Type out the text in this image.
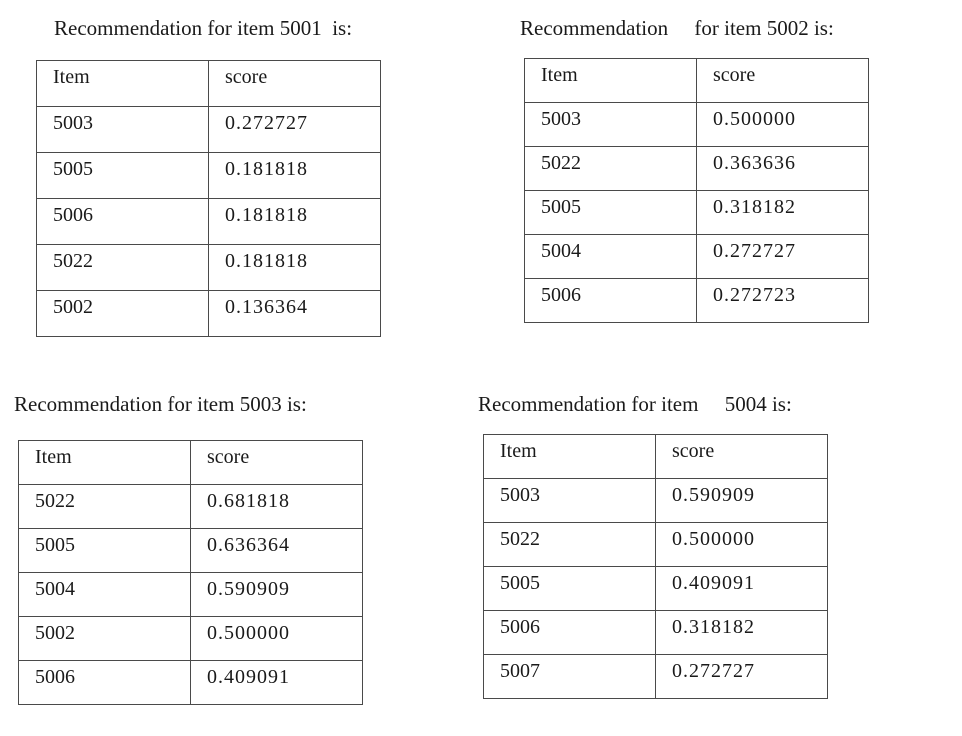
Recommendation for item 5001  is:
Item	score
5003	0.272727
5005	0.181818
5006	0.181818
5022	0.181818
5002	0.136364
Recommendation     for item 5002 is:
Item	score
5003	0.500000
5022	0.363636
5005	0.318182
5004	0.272727
5006	0.272723
Recommendation for item 5003 is:
Item	score
5022	0.681818
5005	0.636364
5004	0.590909
5002	0.500000
5006	0.409091
Recommendation for item     5004 is:
Item	score
5003	0.590909
5022	0.500000
5005	0.409091
5006	0.318182
5007	0.272727
